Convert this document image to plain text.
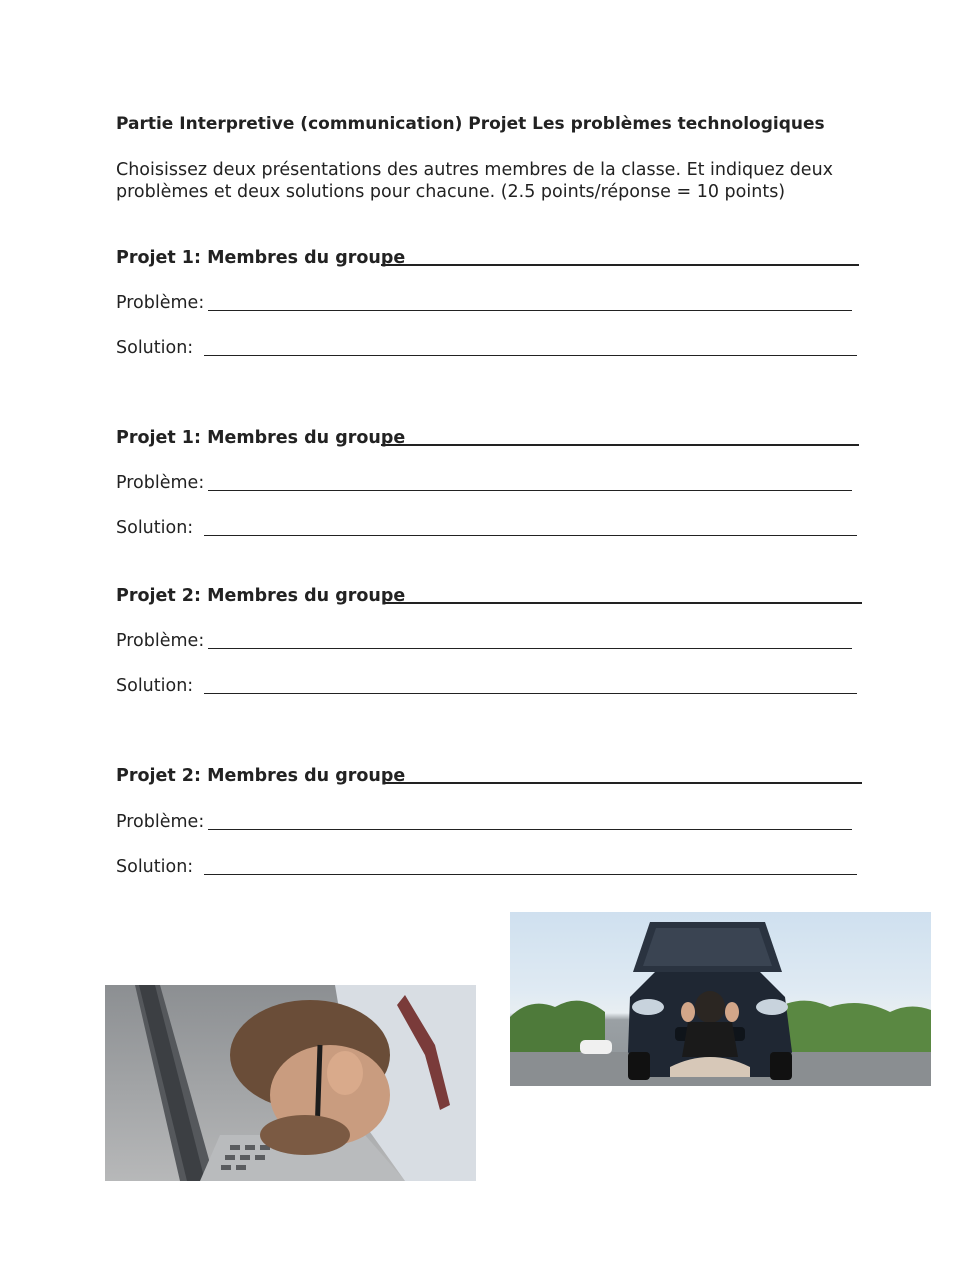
Partie Interpretive (communication) Projet Les problèmes technologiques
Choisissez deux présentations des autres membres de la classe. Et indiquez deux
problèmes et deux solutions pour chacune. (2.5 points/réponse = 10 points)
Projet 1: Membres du groupe
Problème:
Solution:
Projet 1: Membres du groupe
Problème:
Solution:
Projet 2: Membres du groupe
Problème:
Solution:
Projet 2: Membres du groupe
Problème:
Solution:
